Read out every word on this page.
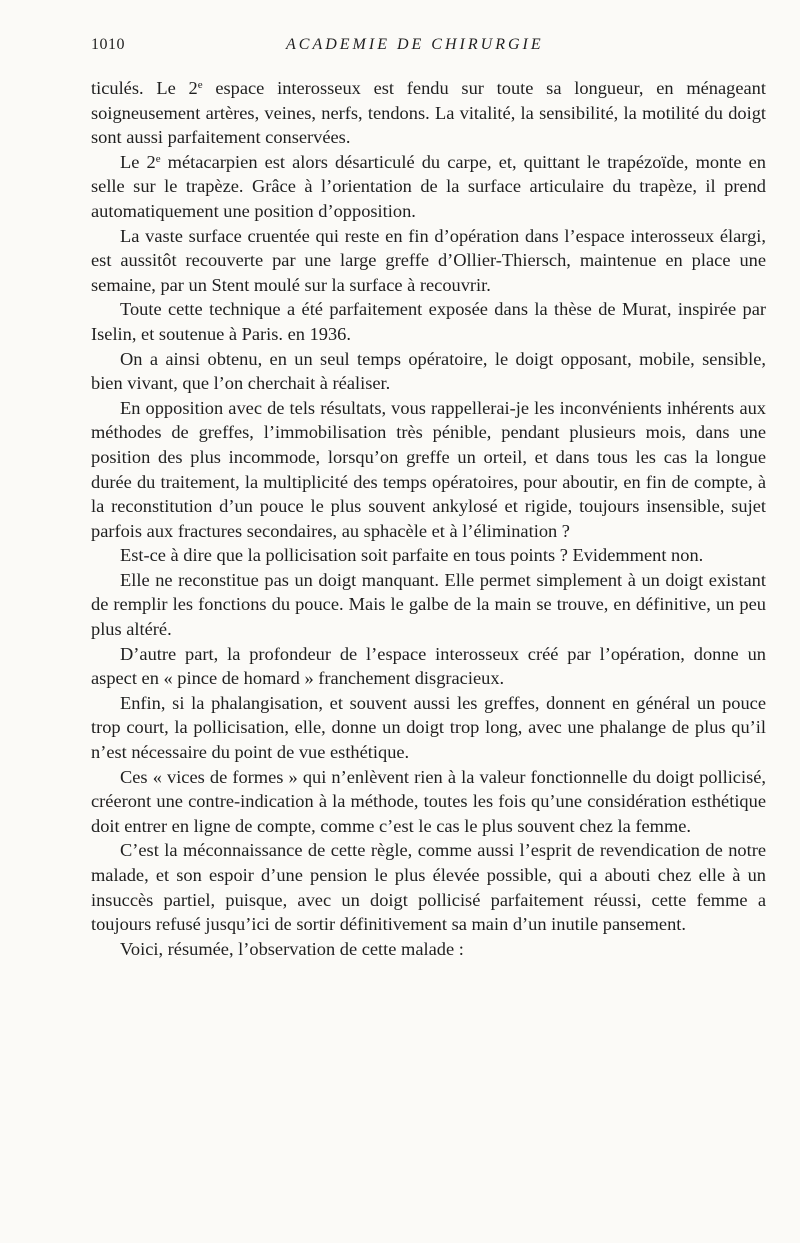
1010	ACADEMIE DE CHIRURGIE

ticulés. Le 2e espace interosseux est fendu sur toute sa longueur, en ménageant soigneusement artères, veines, nerfs, tendons. La vitalité, la sensibilité, la motilité du doigt sont aussi parfaitement conservées.

Le 2e métacarpien est alors désarticulé du carpe, et, quittant le trapézoïde, monte en selle sur le trapèze. Grâce à l’orientation de la surface articulaire du trapèze, il prend automatiquement une position d’opposition.

La vaste surface cruentée qui reste en fin d’opération dans l’espace interosseux élargi, est aussitôt recouverte par une large greffe d’Ollier-Thiersch, maintenue en place une semaine, par un Stent moulé sur la surface à recouvrir.

Toute cette technique a été parfaitement exposée dans la thèse de Murat, inspirée par Iselin, et soutenue à Paris. en 1936.

On a ainsi obtenu, en un seul temps opératoire, le doigt opposant, mobile, sensible, bien vivant, que l’on cherchait à réaliser.

En opposition avec de tels résultats, vous rappellerai-je les inconvénients inhérents aux méthodes de greffes, l’immobilisation très pénible, pendant plusieurs mois, dans une position des plus incommode, lorsqu’on greffe un orteil, et dans tous les cas la longue durée du traitement, la multiplicité des temps opératoires, pour aboutir, en fin de compte, à la reconstitution d’un pouce le plus souvent ankylosé et rigide, toujours insensible, sujet parfois aux fractures secondaires, au sphacèle et à l’élimination ?

Est-ce à dire que la pollicisation soit parfaite en tous points ? Evidemment non.

Elle ne reconstitue pas un doigt manquant. Elle permet simplement à un doigt existant de remplir les fonctions du pouce. Mais le galbe de la main se trouve, en définitive, un peu plus altéré.

D’autre part, la profondeur de l’espace interosseux créé par l’opération, donne un aspect en « pince de homard » franchement disgracieux.

Enfin, si la phalangisation, et souvent aussi les greffes, donnent en général un pouce trop court, la pollicisation, elle, donne un doigt trop long, avec une phalange de plus qu’il n’est nécessaire du point de vue esthétique.

Ces « vices de formes » qui n’enlèvent rien à la valeur fonctionnelle du doigt pollicisé, créeront une contre-indication à la méthode, toutes les fois qu’une considération esthétique doit entrer en ligne de compte, comme c’est le cas le plus souvent chez la femme.

C’est la méconnaissance de cette règle, comme aussi l’esprit de revendication de notre malade, et son espoir d’une pension le plus élevée possible, qui a abouti chez elle à un insuccès partiel, puisque, avec un doigt pollicisé parfaitement réussi, cette femme a toujours refusé jusqu’ici de sortir définitivement sa main d’un inutile pansement.

Voici, résumée, l’observation de cette malade :
